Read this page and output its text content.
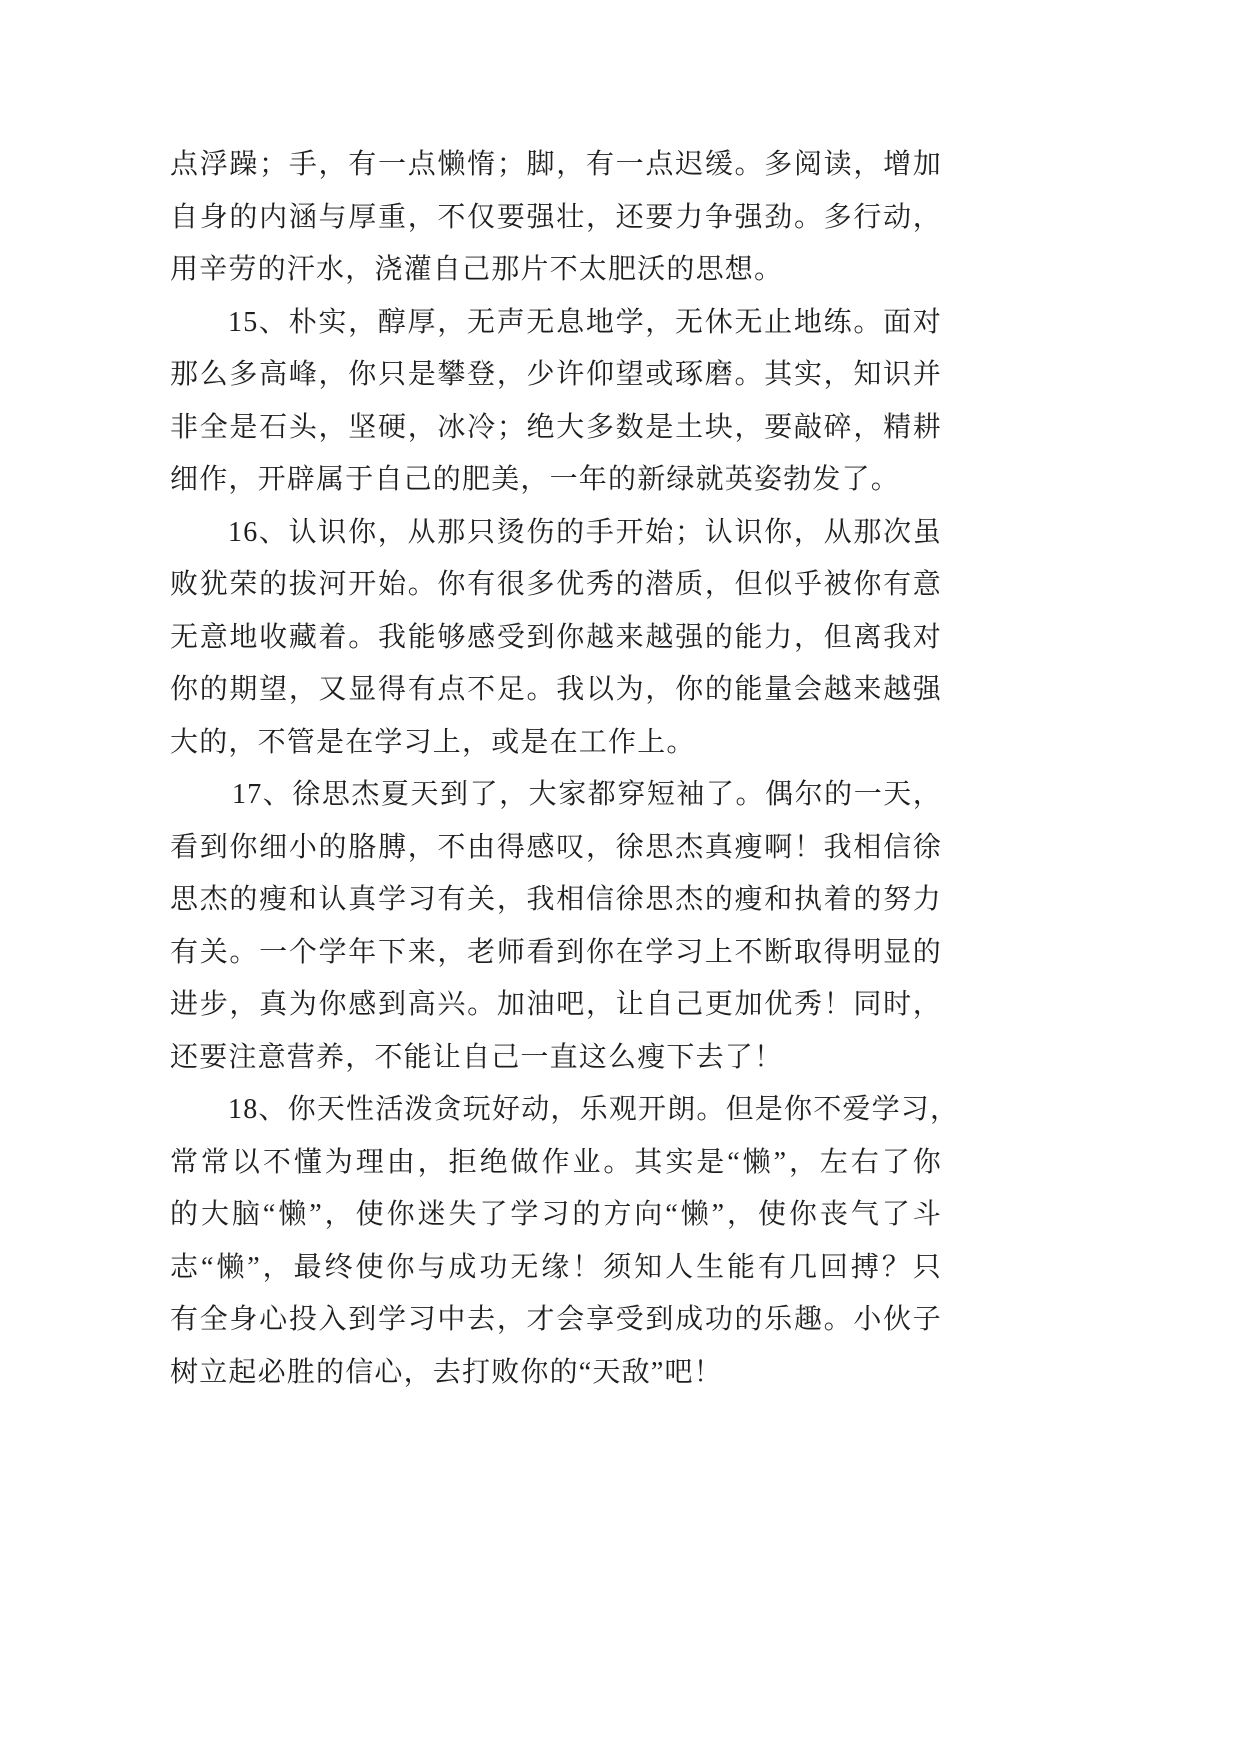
点浮躁；手，有一点懒惰；脚，有一点迟缓。多阅读，增加
自身的内涵与厚重，不仅要强壮，还要力争强劲。多行动，
用辛劳的汗水，浇灌自己那片不太肥沃的思想。
15、朴实，醇厚，无声无息地学，无休无止地练。面对
那么多高峰，你只是攀登，少许仰望或琢磨。其实，知识并
非全是石头，坚硬，冰冷；绝大多数是土块，要敲碎，精耕
细作，开辟属于自己的肥美，一年的新绿就英姿勃发了。
16、认识你，从那只烫伤的手开始；认识你，从那次虽
败犹荣的拔河开始。你有很多优秀的潜质，但似乎被你有意
无意地收藏着。我能够感受到你越来越强的能力，但离我对
你的期望，又显得有点不足。我以为，你的能量会越来越强
大的，不管是在学习上，或是在工作上。
17、徐思杰夏天到了，大家都穿短袖了。偶尔的一天，
看到你细小的胳膊，不由得感叹，徐思杰真瘦啊！我相信徐
思杰的瘦和认真学习有关，我相信徐思杰的瘦和执着的努力
有关。一个学年下来，老师看到你在学习上不断取得明显的
进步，真为你感到高兴。加油吧，让自己更加优秀！同时，
还要注意营养，不能让自己一直这么瘦下去了！
18、你天性活泼贪玩好动，乐观开朗。但是你不爱学习，
常常以不懂为理由，拒绝做作业。其实是“懒”，左右了你
的大脑“懒”，使你迷失了学习的方向“懒”，使你丧气了斗
志“懒”，最终使你与成功无缘！须知人生能有几回搏？只
有全身心投入到学习中去，才会享受到成功的乐趣。小伙子
树立起必胜的信心，去打败你的“天敌”吧！
